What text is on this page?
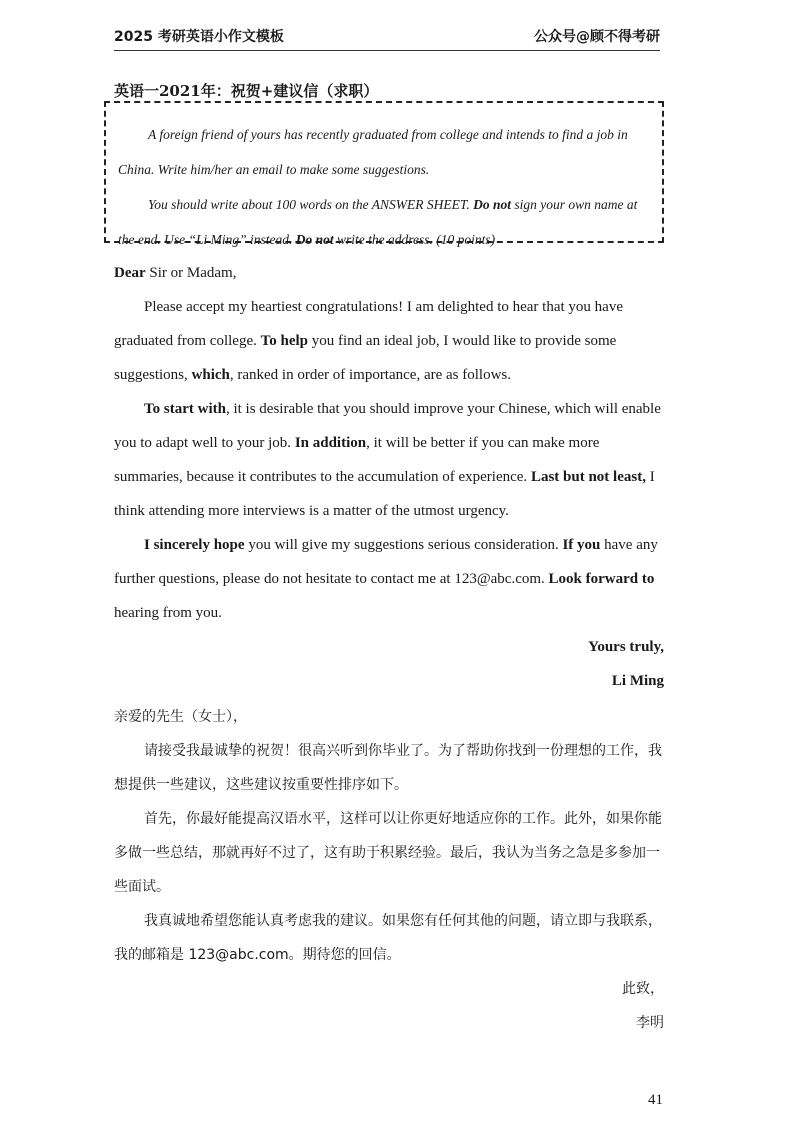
2025 考研英语小作文模板	公众号@顾不得考研
英语一2021年：祝贺+建议信（求职）

A foreign friend of yours has recently graduated from college and intends to find a job in China. Write him/her an email to make some suggestions.

You should write about 100 words on the ANSWER SHEET. Do not sign your own name at the end. Use “Li Ming” instead. Do not write the address. (10 points)

Dear Sir or Madam,

Please accept my heartiest congratulations! I am delighted to hear that you have graduated from college. To help you find an ideal job, I would like to provide some suggestions, which, ranked in order of importance, are as follows.

To start with, it is desirable that you should improve your Chinese, which will enable you to adapt well to your job. In addition, it will be better if you can make more summaries, because it contributes to the accumulation of experience. Last but not least, I think attending more interviews is a matter of the utmost urgency.

I sincerely hope you will give my suggestions serious consideration. If you have any further questions, please do not hesitate to contact me at 123@abc.com. Look forward to hearing from you.

Yours truly,

Li Ming

亲爱的先生（女士），

请接受我最诚挚的祝贺！很高兴听到你毕业了。为了帮助你找到一份理想的工作，我想提供一些建议，这些建议按重要性排序如下。

首先，你最好能提高汉语水平，这样可以让你更好地适应你的工作。此外，如果你能多做一些总结，那就再好不过了，这有助于积累经验。最后，我认为当务之急是多参加一些面试。

我真诚地希望您能认真考虑我的建议。如果您有任何其他的问题，请立即与我联系，我的邮箱是 123@abc.com。期待您的回信。

此致，

李明

41
